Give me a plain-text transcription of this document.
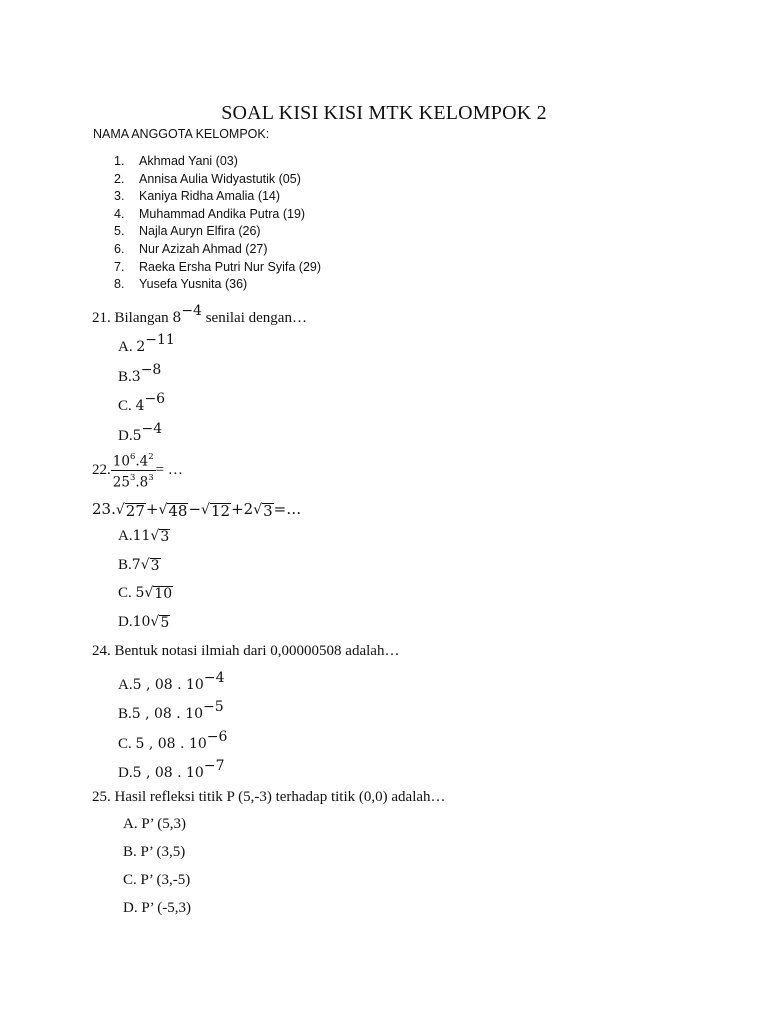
SOAL KISI KISI MTK KELOMPOK 2
NAMA ANGGOTA KELOMPOK:
1. Akhmad Yani (03)
2. Annisa Aulia Widyastutik (05)
3. Kaniya Ridha Amalia (14)
4. Muhammad Andika Putra (19)
5. Najla Auryn Elfira (26)
6. Nur Azizah Ahmad (27)
7. Raeka Ersha Putri Nur Syifa (29)
8. Yusefa Yusnita (36)
21. Bilangan $8^{-4}$ senilai dengan…
A. $2^{-11}$
$B.3^{-8}$
C. $4^{-6}$
$D.5^{-4}$
22. $\frac{10^6.4^2}{25^3.8^3}$ = …
23. √ 27 + √ 48 − √ 12 +2 √ 3 =…
A.11 √ 3
B.7 √ 3
C. 5 √ 10
D.10 √ 5
24. Bentuk notasi ilmiah dari 0,00000508 adalah…
A.5 , 08 . $10^{-4}$
B.5 , 08 . $10^{-5}$
C. 5 , 08 . $10^{-6}$
D.5 , 08 . $10^{-7}$
25. Hasil refleksi titik P (5,-3) terhadap titik (0,0) adalah…
A. P’ (5,3)
B. P’ (3,5)
C. P’ (3,-5)
D. P’ (-5,3)
